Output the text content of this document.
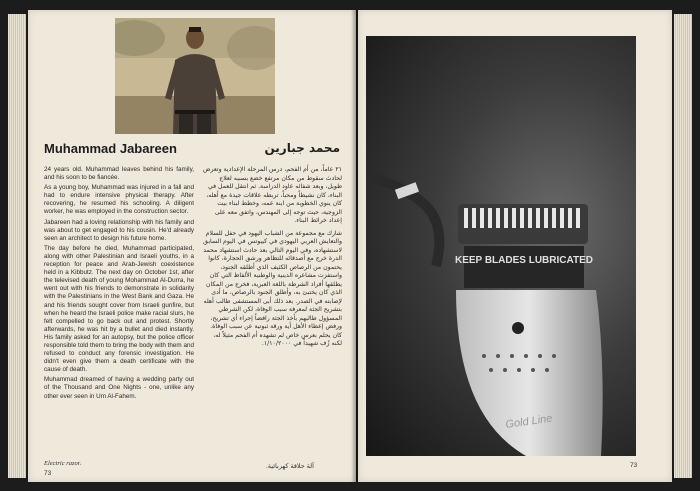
Muhammad Jabareen	محمد جبارين

24 years old. Muhammad leaves behind his family, and his soon to be fiancée.

As a young boy, Muhammad was injured in a fall and had to endure intensive physical therapy. After recovering, he resumed his schooling. A diligent worker, he was employed in the construction sector.

Jabareen had a loving relationship with his family and was about to get engaged to his cousin. He'd already seen an architect to design his future home.

The day before he died, Muhammad participated, along with other Palestinian and Israeli youths, in a reception for peace and Arab-Jewish coexistence held in a Kibbutz. The next day on October 1st, after the televised death of young Mohammad Al-Durra, he went out with his friends to demonstrate in solidarity with the Palestinians in the West Bank and Gaza. He and his friends sought cover from Israeli gunfire, but when he heard the Israeli police make racial slurs, he felt compelled to go back out and protest. Shortly afterwards, he was hit by a bullet and died instantly. His family asked for an autopsy, but the police officer responsible told them to bring the body with them and refused to conduct any forensic investigation. He didn't even give them a death certificate with the cause of death.

Muhammad dreamed of having a wedding party out of the Thousand and One Nights - one, unlike any other ever seen in Um Al-Fahem.

٢١ عاماً، من أم الفحم، درس المرحلة الإعدادية وتعرض لحادث سقوط من مكان مرتفع خضع بسببه لعلاج طويل، وبعد شفائه عاود الدراسة. ثم انتقل للعمل في البناء، كان نشيطاً ومحباً، تربطه علاقات جيدة مع أهله، كان ينوي الخطوبة من ابنة عمه، وخطط لبناء بيت الزوجية، حيث توجه إلى المهندس، واتفق معه على إعداد خرائط البناء.

شارك مع مجموعة من الشباب اليهود في حفل للسلام والتعايش العربي اليهودي في كيبوتس في اليوم السابق لاستشهاده، وفي اليوم التالي بعد حادث استشهاد محمد الدرة خرج مع أصدقائه للتظاهر ورشق الحجارة، كانوا يحتمون من الرصاص الكثيف الذي أطلقه الجنود، واستفزت مشاعره الدينية والوطنية الألفاظ التي كان يطلقها أفراد الشرطة باللغة العبرية، فخرج من المكان الذي كان يختبئ به، وأطلق الجنود بالرصاص، ما أدى لإصابته في الصدر. بعد ذلك أبى المستشفى طالب أهله بتشريح الجثة لمعرفة سبب الوفاة، لكن الشرطي المسؤول طالبهم بأخذ الجثة رافضاً إجراء أي تشريح، ورفض إعطاء الأهل أية ورقة ثبوتية عن سبب الوفاة. كان يحلم بعرس خاص لم تشهده أم الفحم مثيلاً له، لكنه زُف شهيداً في ١/١٠/٢٠٠٠.

Electric razor.
73
آلة حلاقة كهربائية.
KEEP BLADES LUBRICATED
Gold Line
73
